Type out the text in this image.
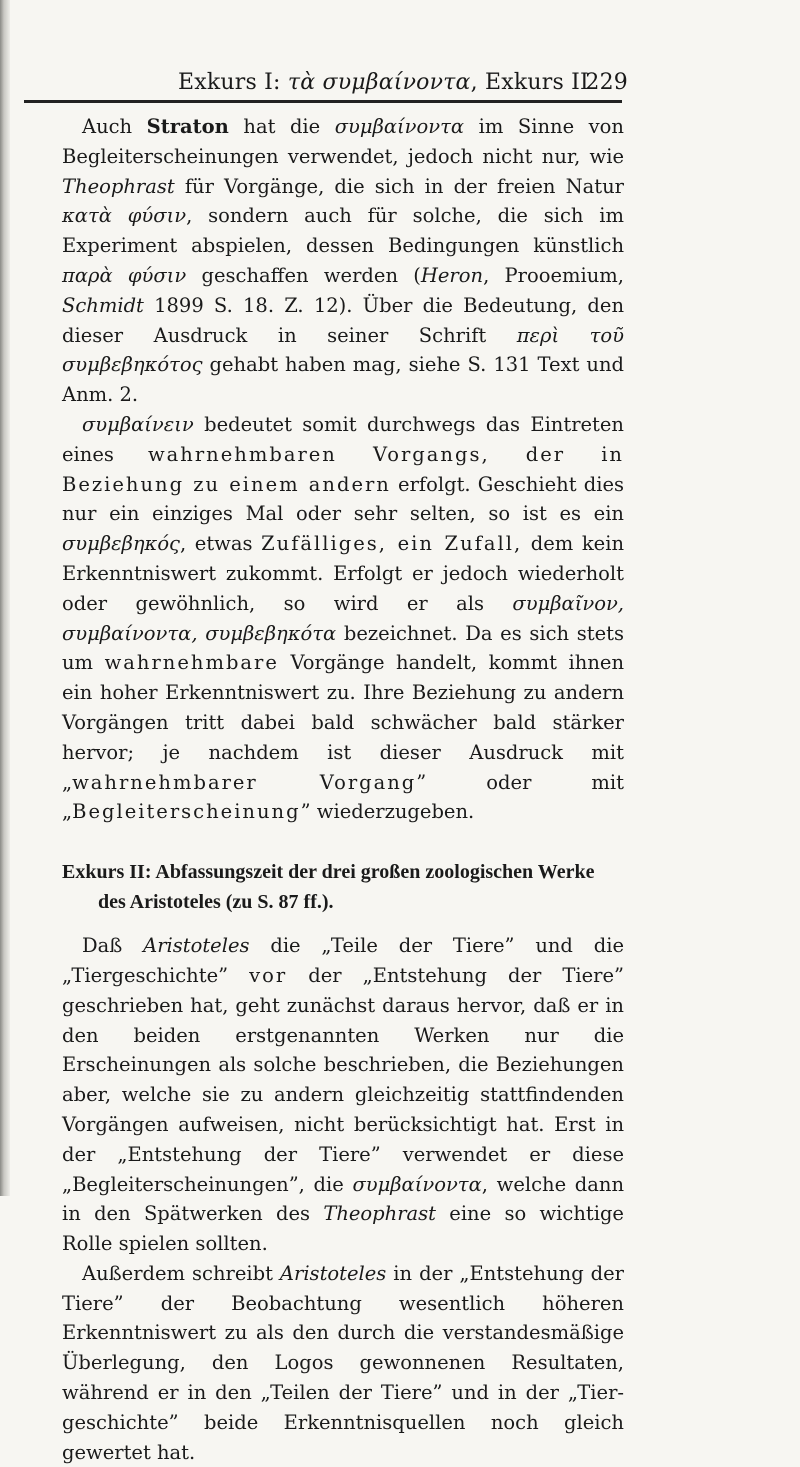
Exkurs I: τὰ συμβαίνοντα, Exkurs II
229

Auch Straton hat die συμβαίνοντα im Sinne von Begleiterscheinungen verwendet, jedoch nicht nur, wie Theophrast für Vorgänge, die sich in der freien Natur κατὰ φύσιν, sondern auch für solche, die sich im Experiment abspielen, dessen Bedingungen künstlich παρὰ φύσιν geschaffen werden (Heron, Prooemium, Schmidt 1899 S. 18. Z. 12). Über die Bedeutung, den dieser Ausdruck in seiner Schrift περὶ τοῦ συμβεβηκότος gehabt haben mag, siehe S. 131 Text und Anm. 2.

συμβαίνειν bedeutet somit durchwegs das Eintreten eines wahrnehmbaren Vorgangs, der in Beziehung zu einem andern erfolgt. Geschieht dies nur ein einziges Mal oder sehr selten, so ist es ein συμβεβηκός, etwas Zufälliges, ein Zufall, dem kein Erkenntniswert zukommt. Erfolgt er jedoch wiederholt oder gewöhnlich, so wird er als συμβαῖνον, συμβαίνοντα, συμβεβηκότα bezeichnet. Da es sich stets um wahrnehmbare Vorgänge handelt, kommt ihnen ein hoher Erkenntniswert zu. Ihre Beziehung zu andern Vorgängen tritt dabei bald schwächer bald stärker hervor; je nachdem ist dieser Ausdruck mit „wahrnehmbarer Vorgang” oder mit „Begleiterscheinung” wiederzugeben.

Exkurs II: Abfassungszeit der drei großen zoologischen Werke
des Aristoteles (zu S. 87 ff.).

Daß Aristoteles die „Teile der Tiere” und die „Tiergeschichte” vor der „Entstehung der Tiere” geschrieben hat, geht zunächst daraus hervor, daß er in den beiden erstgenannten Werken nur die Erscheinungen als solche beschrieben, die Beziehungen aber, welche sie zu andern gleichzeitig stattfindenden Vorgängen aufweisen, nicht berücksichtigt hat. Erst in der „Entstehung der Tiere” verwendet er diese „Begleiterscheinungen”, die συμβαίνοντα, welche dann in den Spätwerken des Theophrast eine so wichtige Rolle spielen sollten.

Außerdem schreibt Aristoteles in der „Entstehung der Tiere” der Beobachtung wesentlich höheren Erkenntniswert zu als den durch die verstandesmäßige Überlegung, den Logos gewonnenen Resultaten, während er in den „Teilen der Tiere” und in der „Tiergeschichte” beide Erkenntnisquellen noch gleich gewertet hat.
